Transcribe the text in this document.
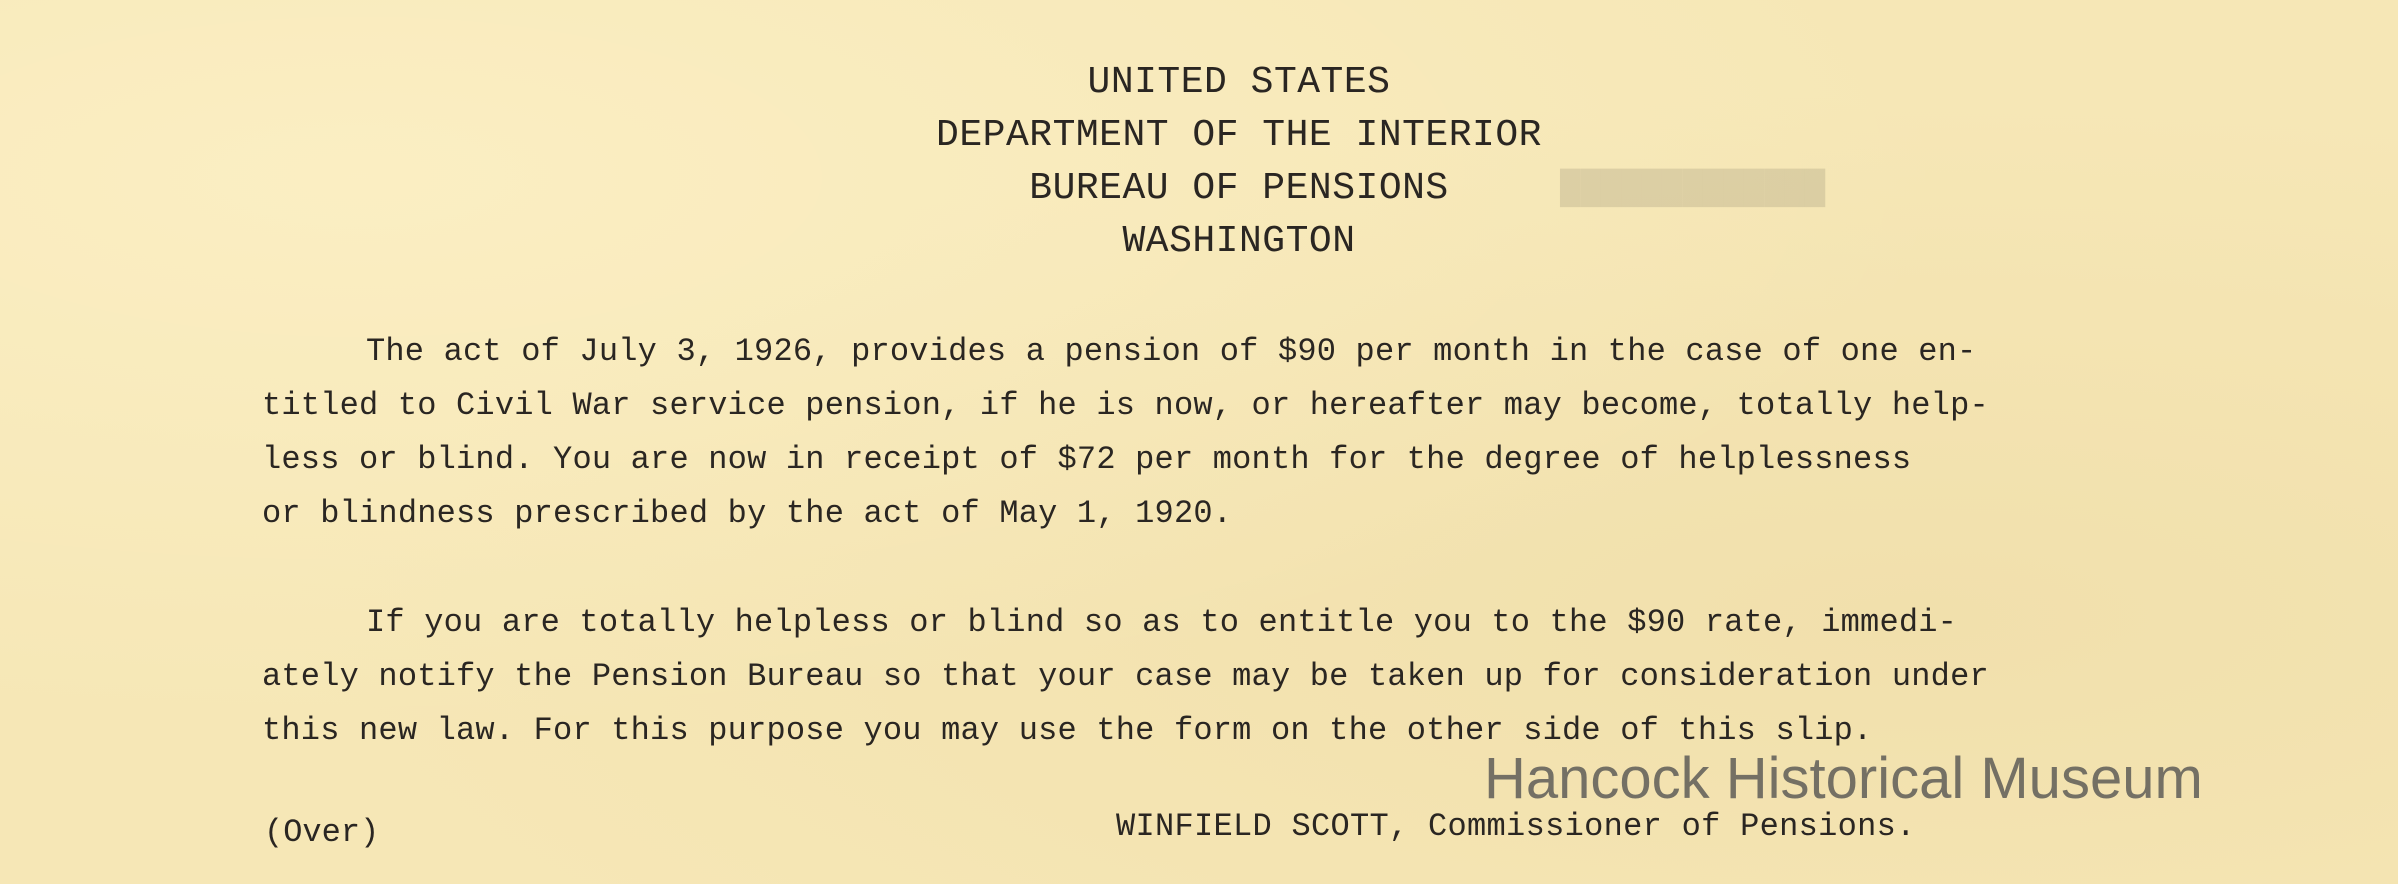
UNITED STATES
DEPARTMENT OF THE INTERIOR
BUREAU OF PENSIONS
WASHINGTON
The act of July 3, 1926, provides a pension of $90 per month in the case of one en-
titled to Civil War service pension, if he is now, or hereafter may become, totally help-
less or blind. You are now in receipt of $72 per month for the degree of helplessness
or blindness prescribed by the act of May 1, 1920.
If you are totally helpless or blind so as to entitle you to the $90 rate, immedi-
ately notify the Pension Bureau so that your case may be taken up for consideration under
this new law. For this purpose you may use the form on the other side of this slip.
Hancock Historical Museum
(Over)	WINFIELD SCOTT, Commissioner of Pensions.
